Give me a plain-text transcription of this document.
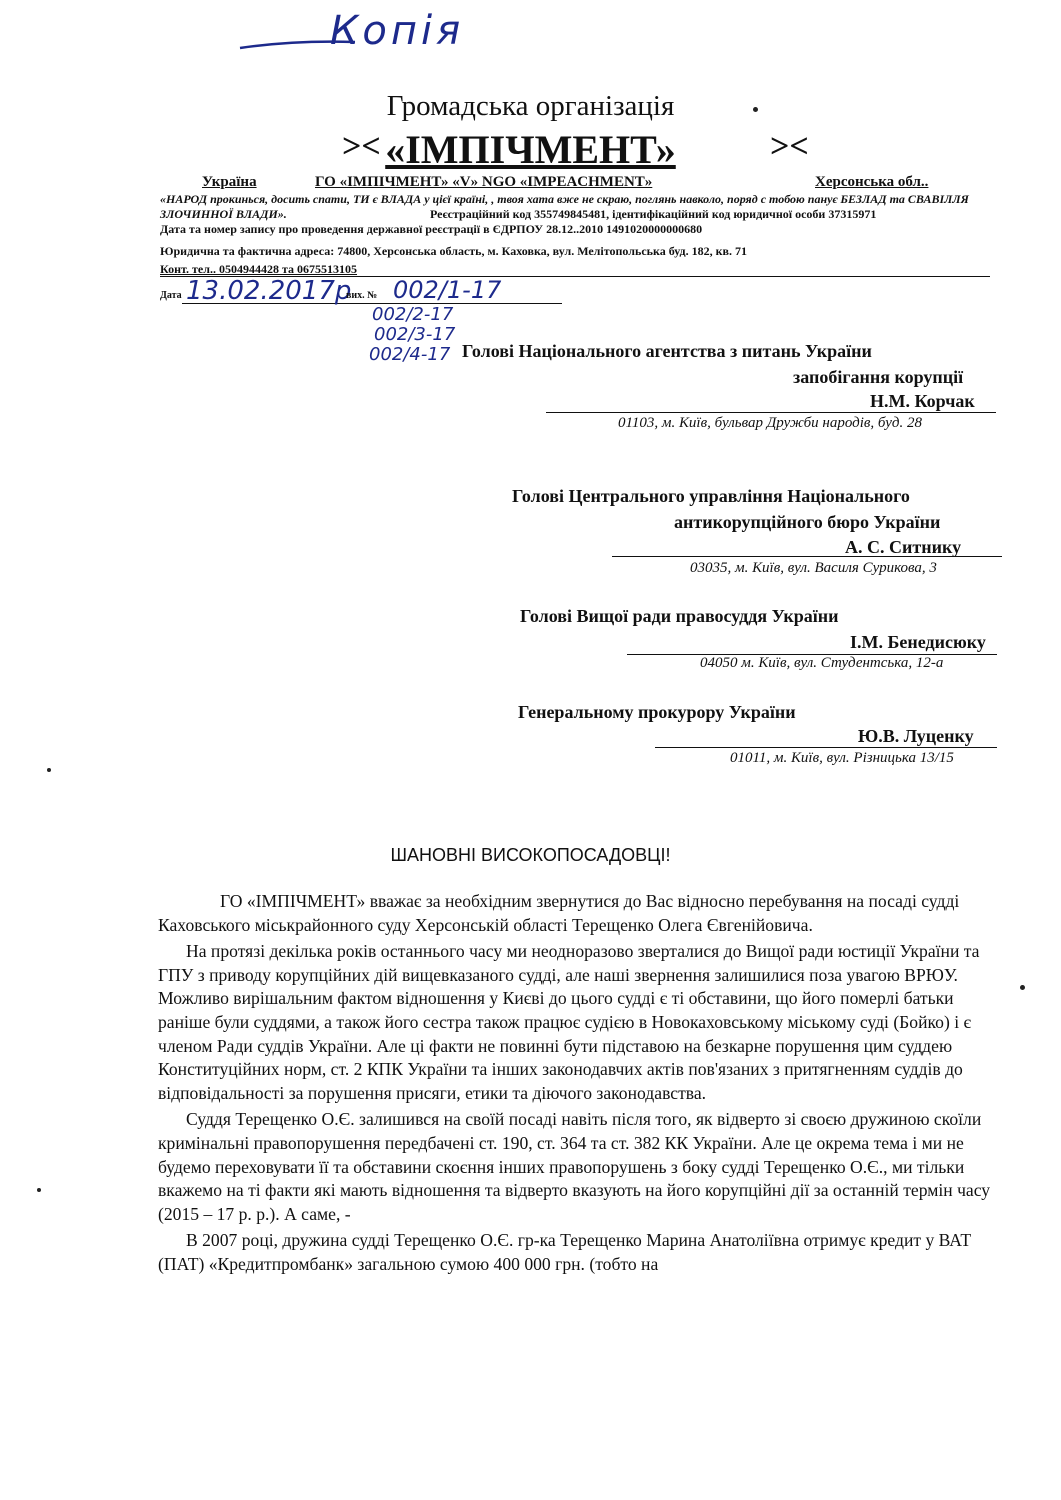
Копія
Громадська організація
>< «ІМПІЧМЕНТ»	><
Україна	ГО «ІМПІЧМЕНТ» «V» NGO «IMPEACHMENT»	Херсонська обл..
«НАРОД прокинься, досить спати, ТИ є ВЛАДА у цієї країні, , твоя хата вже не скраю, поглянь навколо, поряд с тобою панує БЕЗЛАД та СВАВІЛЛЯ ЗЛОЧИННОЇ ВЛАДИ».	Реєстраційний код 355749845481, ідентифікаційний код юридичної особи 37315971
Дата та номер запису про проведення державної реєстрації в ЄДРПОУ 28.12..2010 1491020000000680
Юридична та фактична адреса: 74800, Херсонська область, м. Каховка, вул. Мелітопольська буд. 182, кв. 71
Конт. тел.. 0504944428 та 0675513105
Дата 13.02.2017р
вих. № 002/1-17
002/2-17
002/3-17
002/4-17 Голові Національного агентства з питань України
запобігання корупції
Н.М. Корчак
01103, м. Київ, бульвар Дружби народів, буд. 28
Голові Центрального управління Національного
антикорупційного бюро України
А. С. Ситнику
03035, м. Київ, вул. Василя Сурикова, 3
Голові Вищої ради правосуддя України
І.М. Бенедисюку
04050 м. Київ, вул. Студентська, 12-а
Генеральному прокурору України
Ю.В. Луценку
01011, м. Київ, вул. Різницька 13/15
ШАНОВНІ ВИСОКОПОСАДОВЦІ!

ГО «ІМПІЧМЕНТ» вважає за необхідним звернутися до Вас відносно перебування на посаді судді Каховського міськрайонного суду Херсонській області Терещенко Олега Євгенійовича.

На протязі декілька років останнього часу ми неодноразово зверталися до Вищої ради юстиції України та ГПУ з приводу корупційних дій вищевказаного судді, але наші звернення залишилися поза увагою ВРЮУ. Можливо вирішальним фактом відношення у Києві до цього судді є ті обставини, що його померлі батьки раніше були суддями, а також його сестра також працює судією в Новокаховському міському суді (Бойко) і є членом Ради суддів України. Але ці факти не повинні бути підставою на безкарне порушення цим суддею Конституційних норм, ст. 2 КПК України та інших законодавчих актів пов'язаних з притягненням суддів до відповідальності за порушення присяги, етики та діючого законодавства.

Суддя Терещенко О.Є. залишився на своїй посаді навіть після того, як відверто зі своєю дружиною скоїли кримінальні правопорушення передбачені ст. 190, ст. 364 та ст. 382 КК України. Але це окрема тема і ми не будемо переховувати її та обставини скоєння інших правопорушень з боку судді Терещенко О.Є., ми тільки вкажемо на ті факти які мають відношення та відверто вказують на його корупційні дії за останній термін часу (2015 – 17 р. р.). А саме, -

В 2007 році, дружина судді Терещенко О.Є. гр-ка Терещенко Марина Анатоліївна отримує кредит у ВАТ (ПАТ) «Кредитпромбанк» загальною сумою 400 000 грн. (тобто на
